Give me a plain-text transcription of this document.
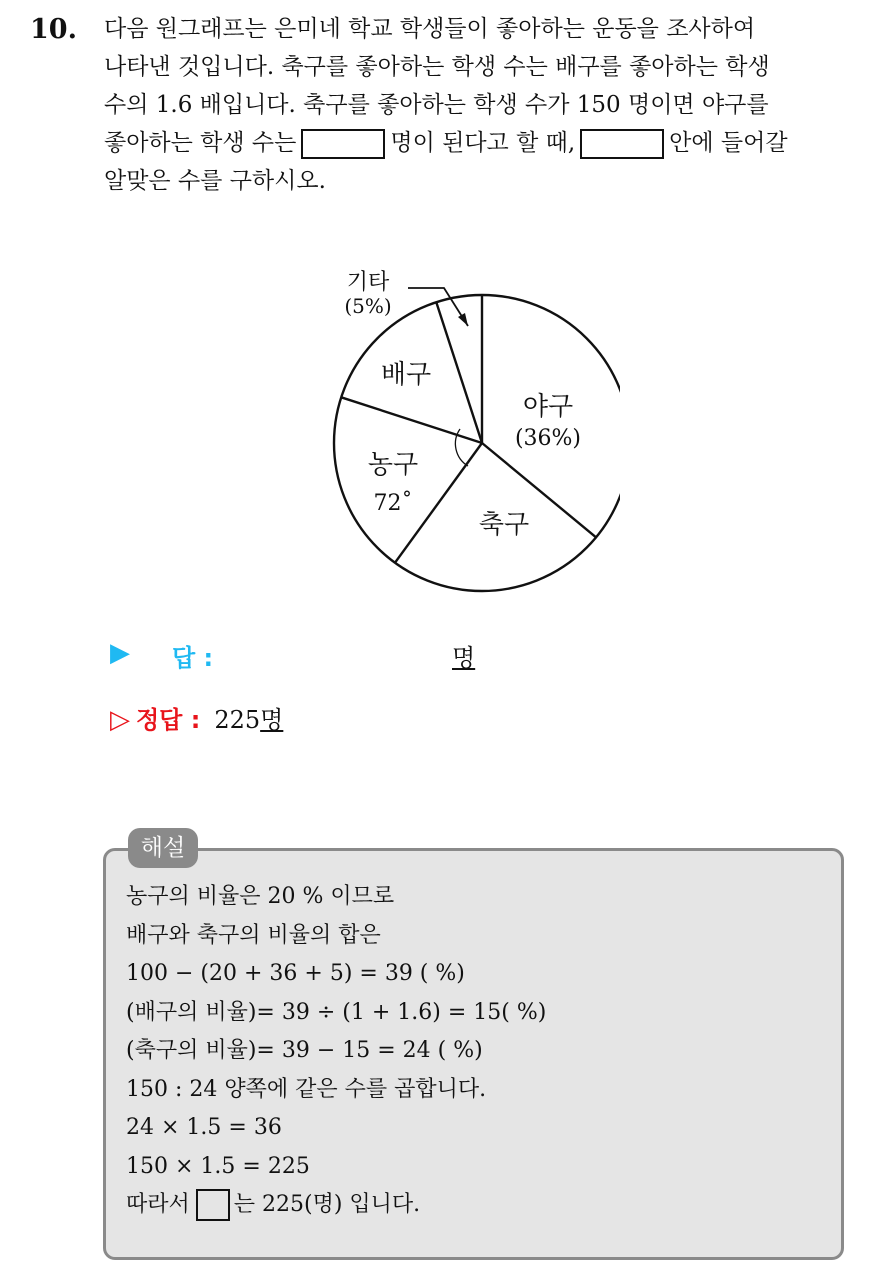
10. 다음 원그래프는 은미네 학교 학생들이 좋아하는 운동을 조사하여
나타낸 것입니다. 축구를 좋아하는 학생 수는 배구를 좋아하는 학생
수의 1.6 배입니다. 축구를 좋아하는 학생 수가 150 명이면 야구를
좋아하는 학생 수는	명이 된다고 할 때,	안에 들어갈
알맞은 수를 구하시오.
기타
(5%)
배구
야구
(36%)
농구
72˚
축구
▶ 답 :	명
▷ 정답 : 225명
해설
농구의 비율은 20 % 이므로
배구와 축구의 비율의 합은
100 − (20 + 36 + 5) = 39 ( %)
(배구의 비율)= 39 ÷ (1 + 1.6) = 15( %)
(축구의 비율)= 39 − 15 = 24 ( %)
150 : 24 양쪽에 같은 수를 곱합니다.
24 × 1.5 = 36
150 × 1.5 = 225
따라서 는 225(명) 입니다.
